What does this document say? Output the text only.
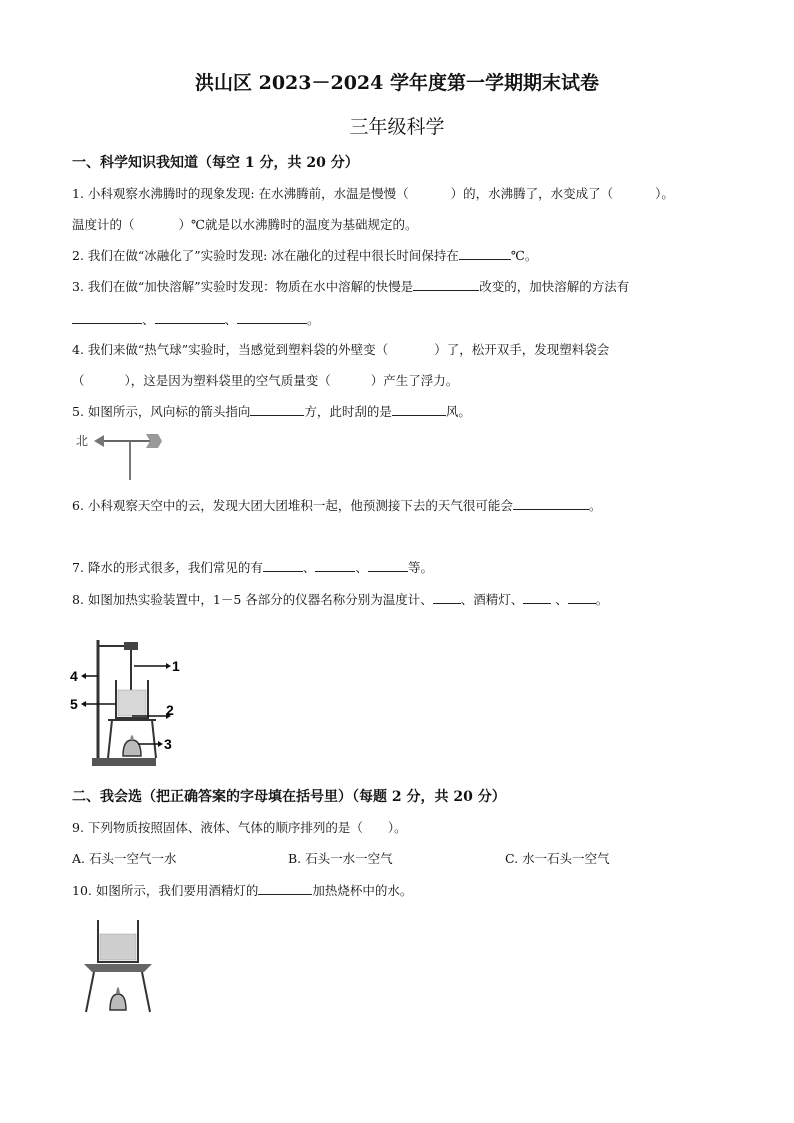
洪山区 2023－2024 学年度第一学期期末试卷
三年级科学
一、科学知识我知道（每空 1 分，共 20 分）
1. 小科观察水沸腾时的现象发现: 在水沸腾前，水温是慢慢（	）的，水沸腾了，水变成了（	）。
温度计的（	）℃就是以水沸腾时的温度为基础规定的。
2. 我们在做“冰融化了”实验时发现: 冰在融化的过程中很长时间保持在	℃。
3. 我们在做“加快溶解”实验时发现：物质在水中溶解的快慢是	改变的，加快溶解的方法有
、	、	。
4. 我们来做“热气球”实验时，当感觉到塑料袋的外壁变（	）了，松开双手，发现塑料袋会
（	），这是因为塑料袋里的空气质量变（	）产生了浮力。
5. 如图所示，风向标的箭头指向	方，此时刮的是	风。
北
6. 小科观察天空中的云，发现大团大团堆积一起，他预测接下去的天气很可能会	。
7. 降水的形式很多，我们常见的有	、	、	等。
8. 如图加热实验装置中，1－5 各部分的仪器名称分别为温度计、 、酒精灯、 、 。
1
2
3
4
5
二、我会选（把正确答案的字母填在括号里）（每题 2 分，共 20 分）
9. 下列物质按照固体、液体、气体的顺序排列的是（　　）。
A. 石头一空气一水	B. 石头一水一空气	C. 水一石头一空气
10. 如图所示，我们要用酒精灯的	加热烧杯中的水。
